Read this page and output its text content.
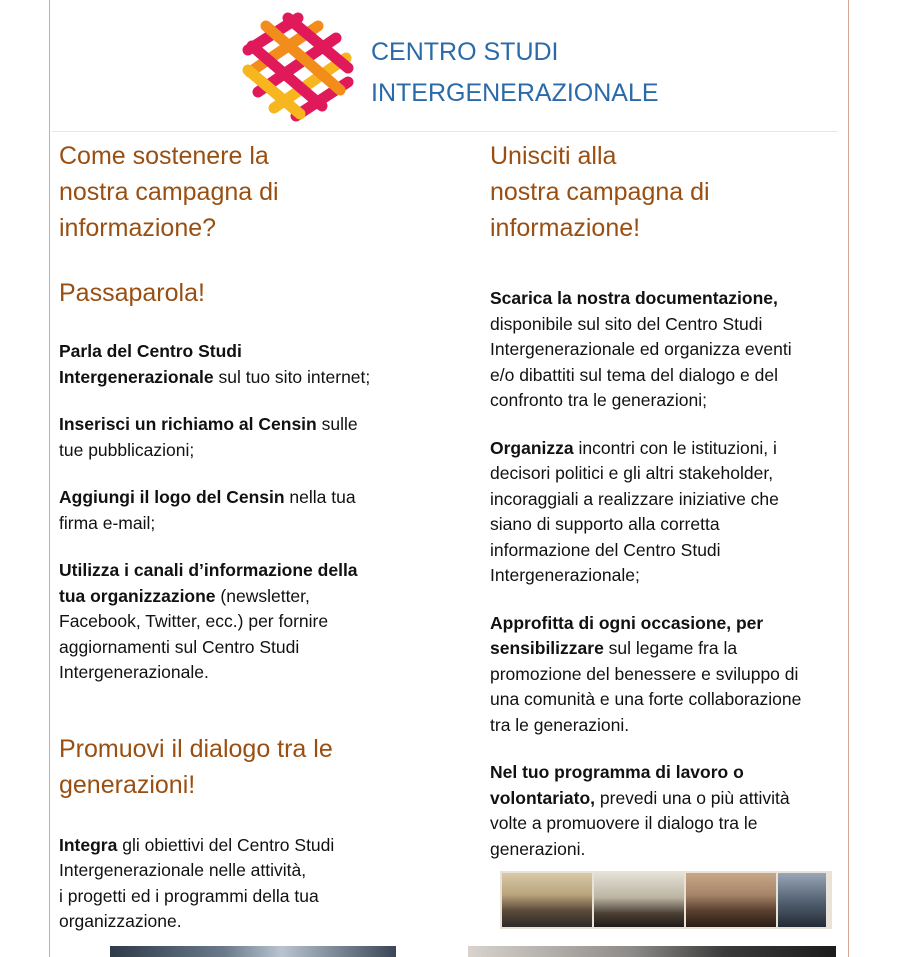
CENTRO STUDI
INTERGENERAZIONALE
Come sostenere la
nostra campagna di
informazione?
Passaparola!

Parla del Centro Studi
Intergenerazionale sul tuo sito internet;

Inserisci un richiamo al Censin sulle
tue pubblicazioni;

Aggiungi il logo del Censin nella tua
firma e-mail;

Utilizza i canali d’informazione della
tua organizzazione (newsletter,
Facebook, Twitter, ecc.) per fornire
aggiornamenti sul Centro Studi
Intergenerazionale.

Promuovi il dialogo tra le
generazioni!

Integra gli obiettivi del Centro Studi
Intergenerazionale nelle attività,
i progetti ed i programmi della tua
organizzazione.

Unisciti alla
nostra campagna di
informazione!

Scarica la nostra documentazione,
disponibile sul sito del Centro Studi
Intergenerazionale ed organizza eventi
e/o dibattiti sul tema del dialogo e del
confronto tra le generazioni;

Organizza incontri con le istituzioni, i
decisori politici e gli altri stakeholder,
incoraggiali a realizzare iniziative che
siano di supporto alla corretta
informazione del Centro Studi
Intergenerazionale;

Approfitta di ogni occasione, per
sensibilizzare sul legame fra la
promozione del benessere e sviluppo di
una comunità e una forte collaborazione
tra le generazioni.

Nel tuo programma di lavoro o
volontariato, prevedi una o più attività
volte a promuovere il dialogo tra le
generazioni.
